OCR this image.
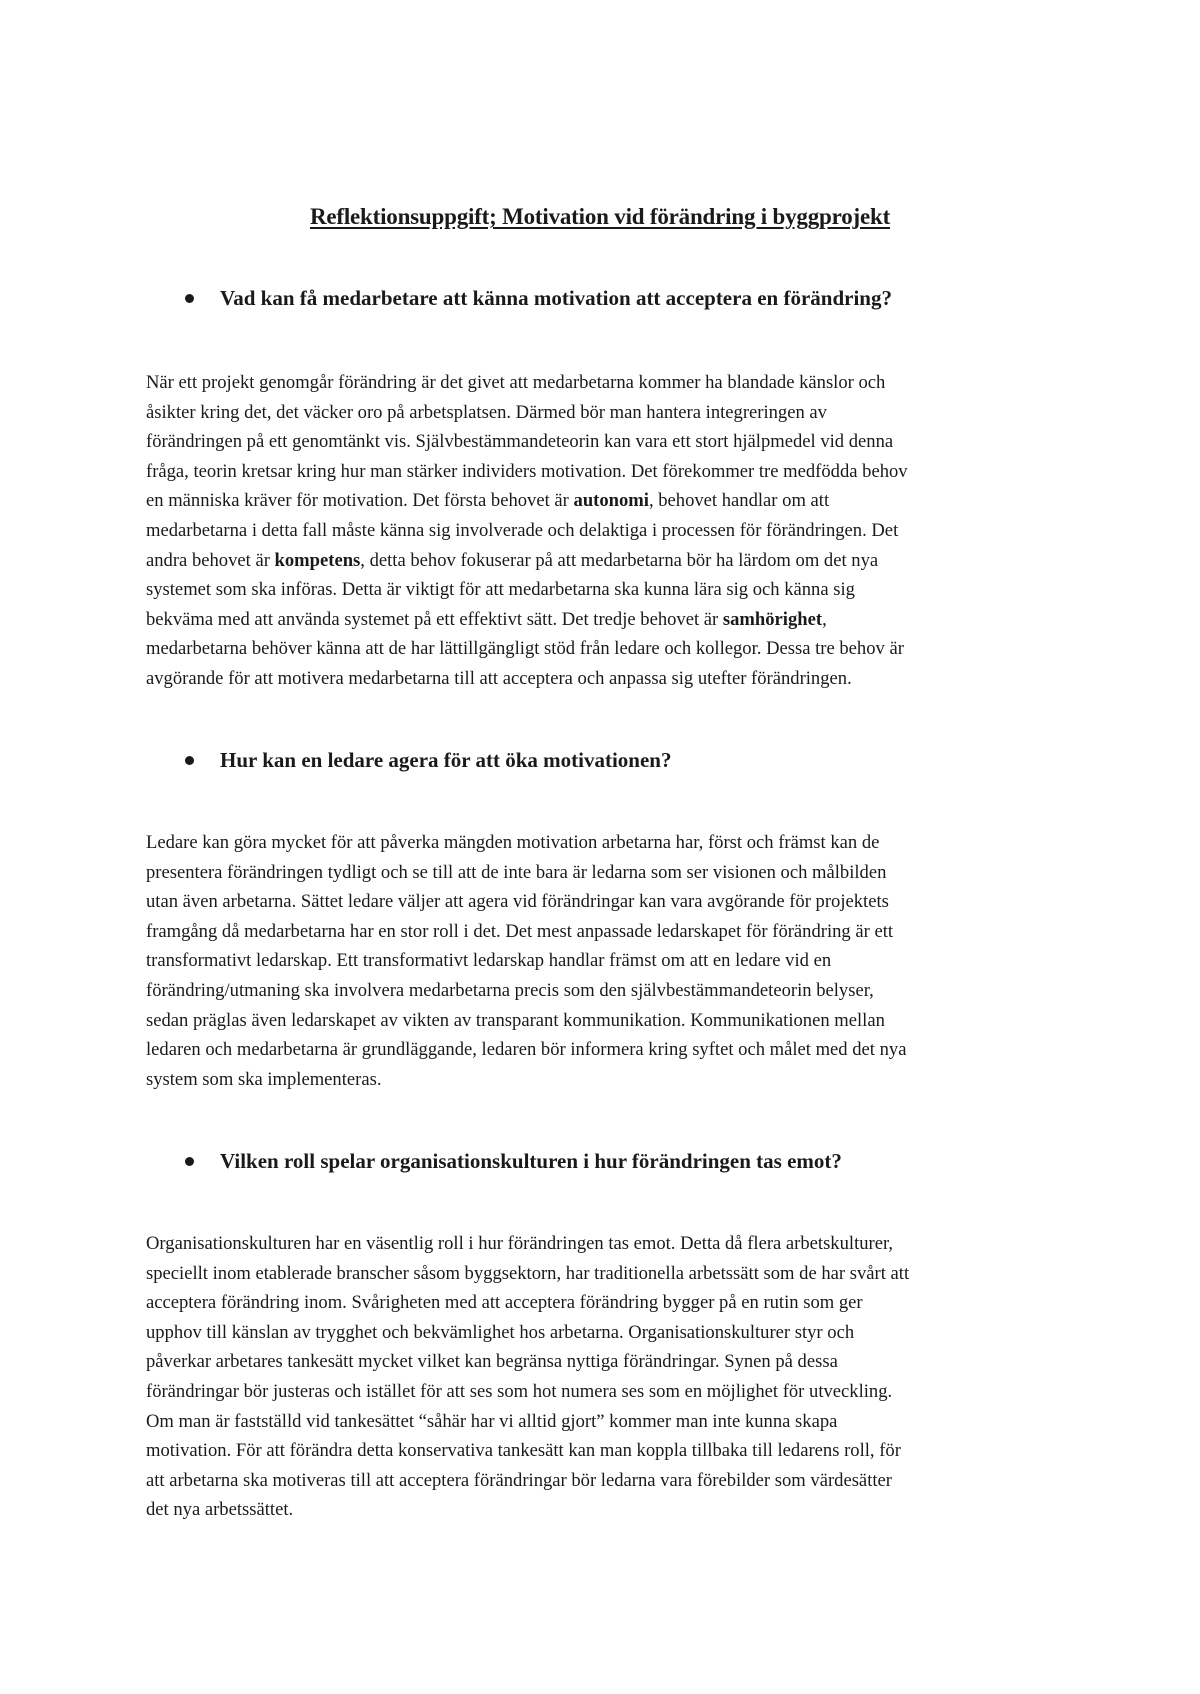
Reflektionsuppgift; Motivation vid förändring i byggprojekt
Vad kan få medarbetare att känna motivation att acceptera en förändring?

När ett projekt genomgår förändring är det givet att medarbetarna kommer ha blandade känslor och
åsikter kring det, det väcker oro på arbetsplatsen. Därmed bör man hantera integreringen av
förändringen på ett genomtänkt vis. Självbestämmandeteorin kan vara ett stort hjälpmedel vid denna
fråga, teorin kretsar kring hur man stärker individers motivation. Det förekommer tre medfödda behov
en människa kräver för motivation. Det första behovet är autonomi, behovet handlar om att
medarbetarna i detta fall måste känna sig involverade och delaktiga i processen för förändringen. Det
andra behovet är kompetens, detta behov fokuserar på att medarbetarna bör ha lärdom om det nya
systemet som ska införas. Detta är viktigt för att medarbetarna ska kunna lära sig och känna sig
bekväma med att använda systemet på ett effektivt sätt. Det tredje behovet är samhörighet,
medarbetarna behöver känna att de har lättillgängligt stöd från ledare och kollegor. Dessa tre behov är
avgörande för att motivera medarbetarna till att acceptera och anpassa sig utefter förändringen.

Hur kan en ledare agera för att öka motivationen?

Ledare kan göra mycket för att påverka mängden motivation arbetarna har, först och främst kan de
presentera förändringen tydligt och se till att de inte bara är ledarna som ser visionen och målbilden
utan även arbetarna. Sättet ledare väljer att agera vid förändringar kan vara avgörande för projektets
framgång då medarbetarna har en stor roll i det. Det mest anpassade ledarskapet för förändring är ett
transformativt ledarskap. Ett transformativt ledarskap handlar främst om att en ledare vid en
förändring/utmaning ska involvera medarbetarna precis som den självbestämmandeteorin belyser,
sedan präglas även ledarskapet av vikten av transparant kommunikation. Kommunikationen mellan
ledaren och medarbetarna är grundläggande, ledaren bör informera kring syftet och målet med det nya
system som ska implementeras.

Vilken roll spelar organisationskulturen i hur förändringen tas emot?

Organisationskulturen har en väsentlig roll i hur förändringen tas emot. Detta då flera arbetskulturer,
speciellt inom etablerade branscher såsom byggsektorn, har traditionella arbetssätt som de har svårt att
acceptera förändring inom. Svårigheten med att acceptera förändring bygger på en rutin som ger
upphov till känslan av trygghet och bekvämlighet hos arbetarna. Organisationskulturer styr och
påverkar arbetares tankesätt mycket vilket kan begränsa nyttiga förändringar. Synen på dessa
förändringar bör justeras och istället för att ses som hot numera ses som en möjlighet för utveckling.
Om man är fastställd vid tankesättet “såhär har vi alltid gjort” kommer man inte kunna skapa
motivation. För att förändra detta konservativa tankesätt kan man koppla tillbaka till ledarens roll, för
att arbetarna ska motiveras till att acceptera förändringar bör ledarna vara förebilder som värdesätter
det nya arbetssättet.
